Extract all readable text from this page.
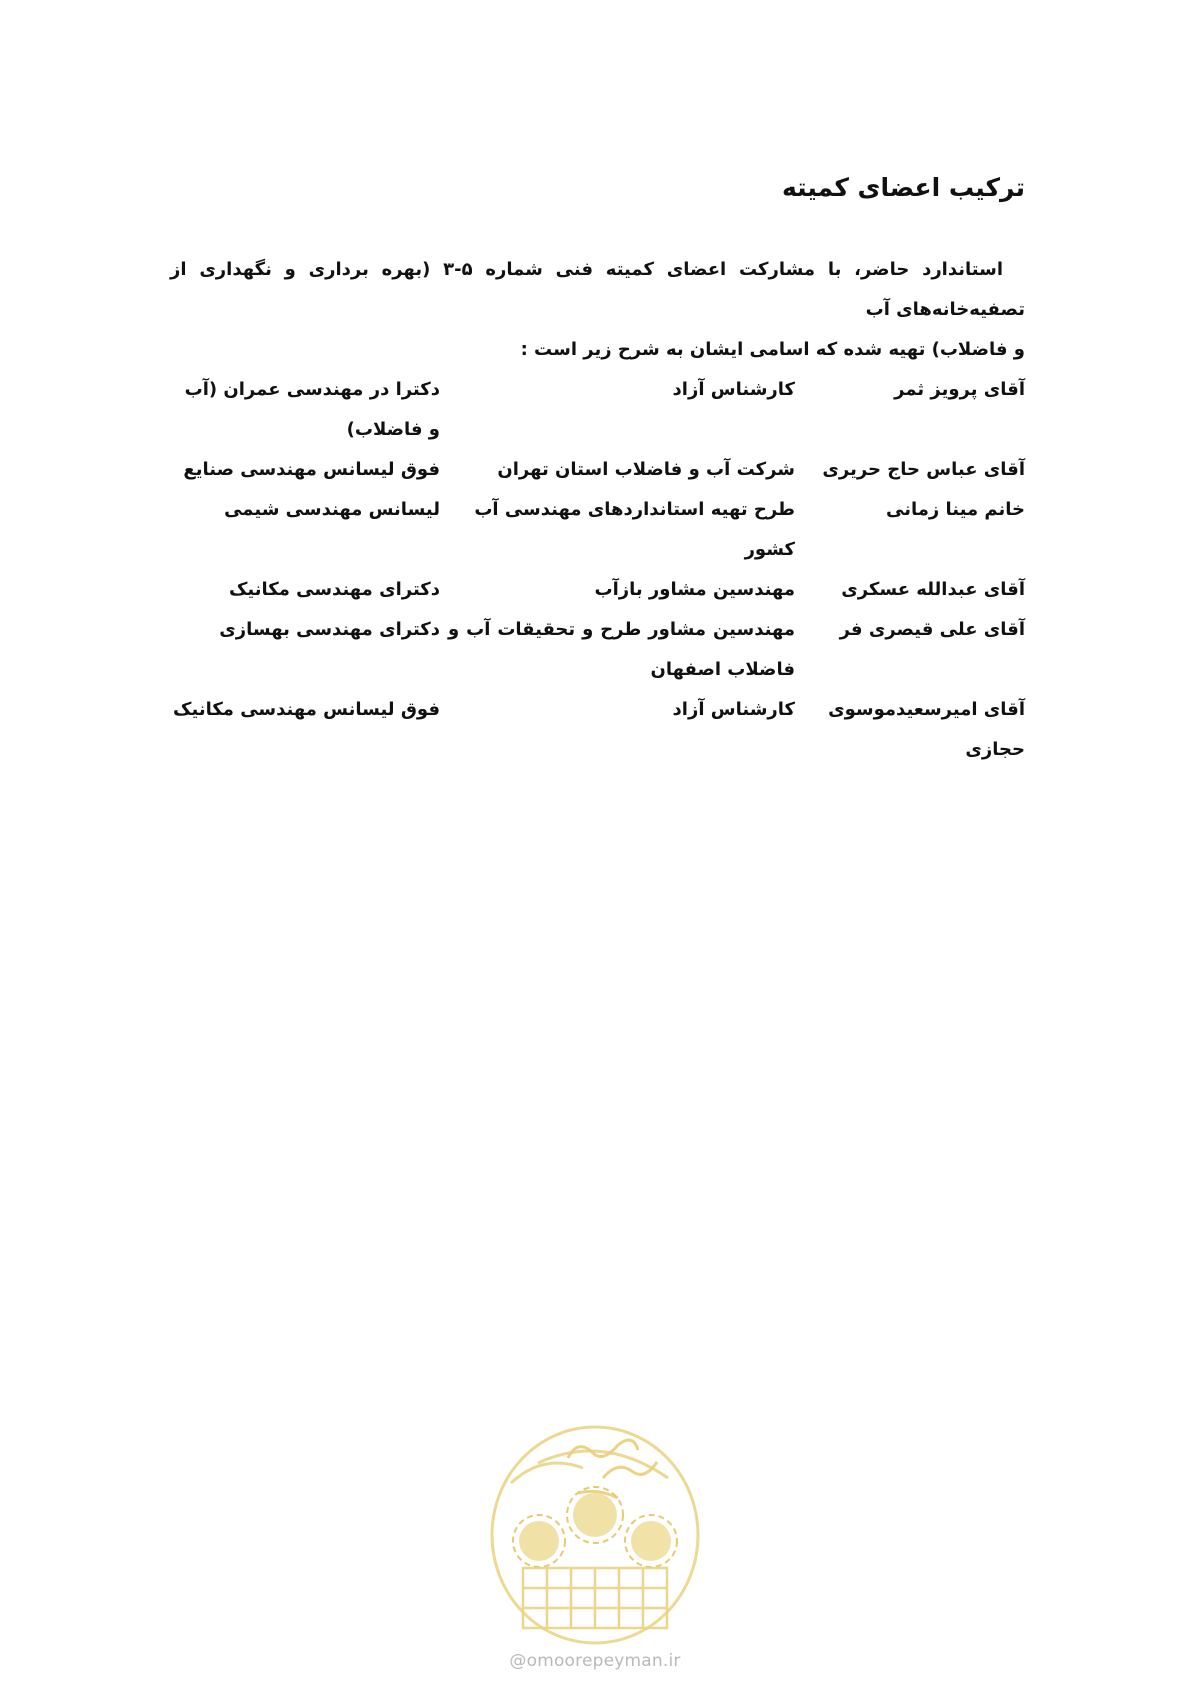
ترکیب اعضای کمیته
استاندارد حاضر، با مشارکت اعضای کمیته فنی شماره ۵-۳ (بهره برداری و نگهداری از تصفیه‌خانه‌های آب
و فاضلاب) تهیه شده که اسامی ایشان به شرح زیر است :
آقای پرویز ثمر
کارشناس آزاد
دکترا در مهندسی عمران (آب و فاضلاب)
آقای عباس حاج حریری
شرکت آب و فاضلاب استان تهران
فوق لیسانس مهندسی صنایع
خانم مینا زمانی
طرح تهیه استانداردهای مهندسی آب کشور
لیسانس مهندسی شیمی
آقای عبدالله عسکری
مهندسین مشاور بازآب
دکترای مهندسی مکانیک
آقای علی قیصری فر
مهندسین مشاور طرح و تحقیقات آب و فاضلاب اصفهان
دکترای مهندسی بهسازی
آقای امیرسعیدموسوی حجازی
کارشناس آزاد
فوق لیسانس مهندسی مکانیک
@omoorepeyman.ir
